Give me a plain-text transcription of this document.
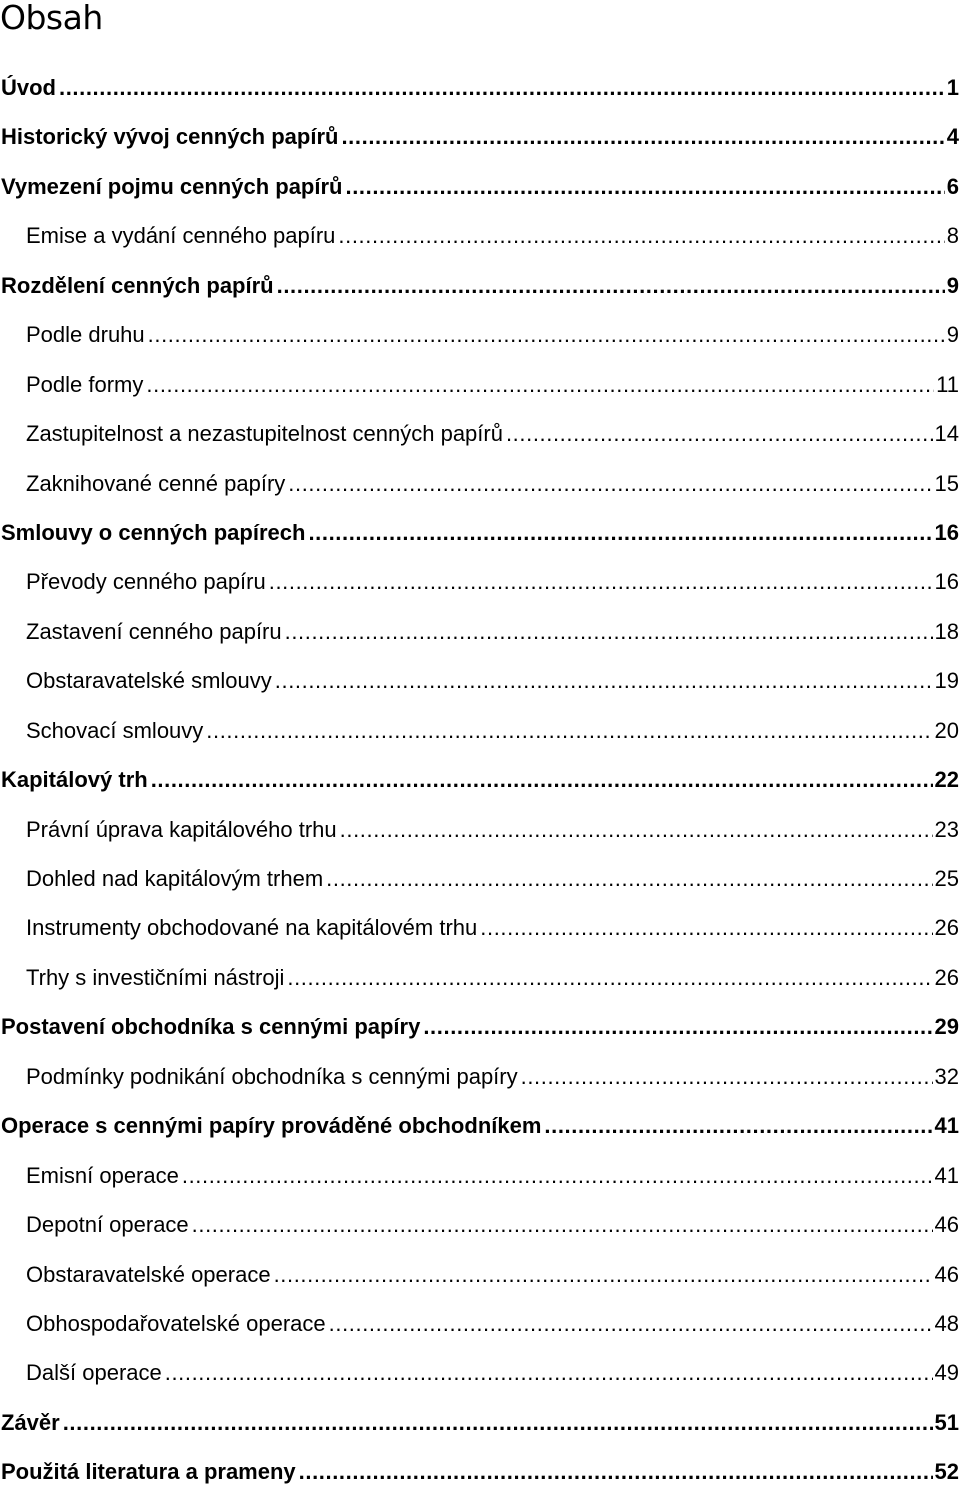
Obsah
Úvod .....	1
Historický vývoj cenných papírů .....	4
Vymezení pojmu cenných papírů .....	6
Emise a vydání cenného papíru .....	8
Rozdělení cenných papírů .....	9
Podle druhu .....	9
Podle formy .....	11
Zastupitelnost a nezastupitelnost cenných papírů .....	14
Zaknihované cenné papíry .....	15
Smlouvy o cenných papírech .....	16
Převody cenného papíru .....	16
Zastavení cenného papíru .....	18
Obstaravatelské smlouvy .....	19
Schovací smlouvy .....	20
Kapitálový trh .....	22
Právní úprava kapitálového trhu .....	23
Dohled nad kapitálovým trhem .....	25
Instrumenty obchodované na kapitálovém trhu .....	26
Trhy s investičními nástroji .....	26
Postavení obchodníka s cennými papíry .....	29
Podmínky podnikání obchodníka s cennými papíry .....	32
Operace s cennými papíry prováděné obchodníkem .....	41
Emisní operace .....	41
Depotní operace .....	46
Obstaravatelské operace .....	46
Obhospodařovatelské operace .....	48
Další operace .....	49
Závěr .....	51
Použitá literatura a prameny .....	52
